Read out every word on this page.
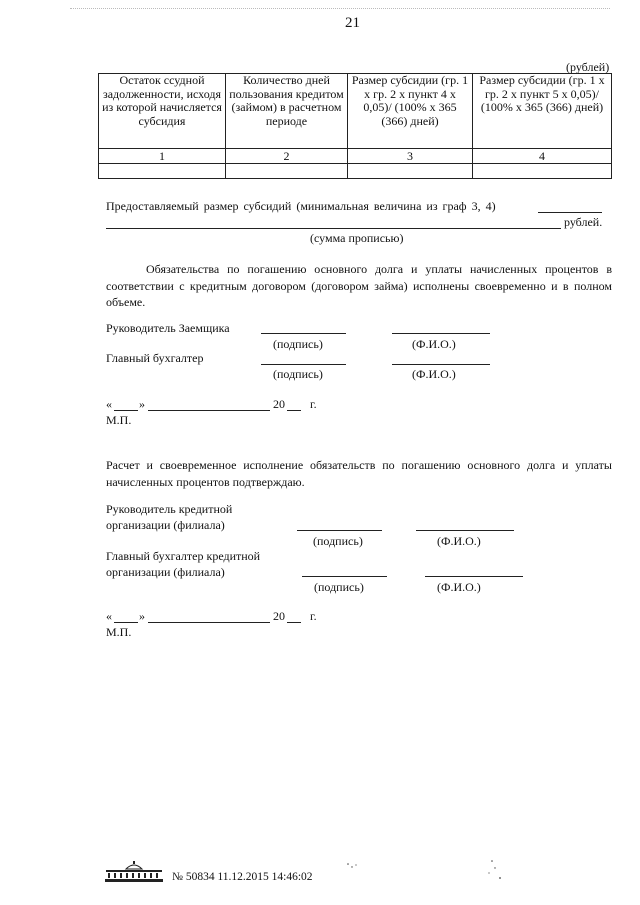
21
(рублей)
Остаток ссудной задолженности, исходя из которой начисляется субсидия	Количество дней пользования кредитом (займом) в расчетном периоде	Размер субсидии (гр. 1 х гр. 2 х пункт 4 х 0,05)/ (100% х 365 (366) дней)	Размер субсидии (гр. 1 х гр. 2 х пункт 5 х 0,05)/ (100% х 365 (366) дней)
1	2	3	4

Предоставляемый размер субсидий (минимальная величина из граф 3, 4)
рублей.
(сумма прописью)
Обязательства по погашению основного долга и уплаты начисленных процентов в соответствии с кредитным договором (договором займа) исполнены своевременно и в полном объеме.
Руководитель Заемщика
(подпись)	(Ф.И.О.)
Главный бухгалтер
(подпись)	(Ф.И.О.)
« »	20 г.
М.П.
Расчет и своевременное исполнение обязательств по погашению основного долга и уплаты начисленных процентов подтверждаю.
Руководитель кредитной
организации (филиала)
(подпись)	(Ф.И.О.)
Главный бухгалтер кредитной
организации (филиала)
(подпись)	(Ф.И.О.)
« »	20 г.
М.П.
№ 50834 11.12.2015 14:46:02
